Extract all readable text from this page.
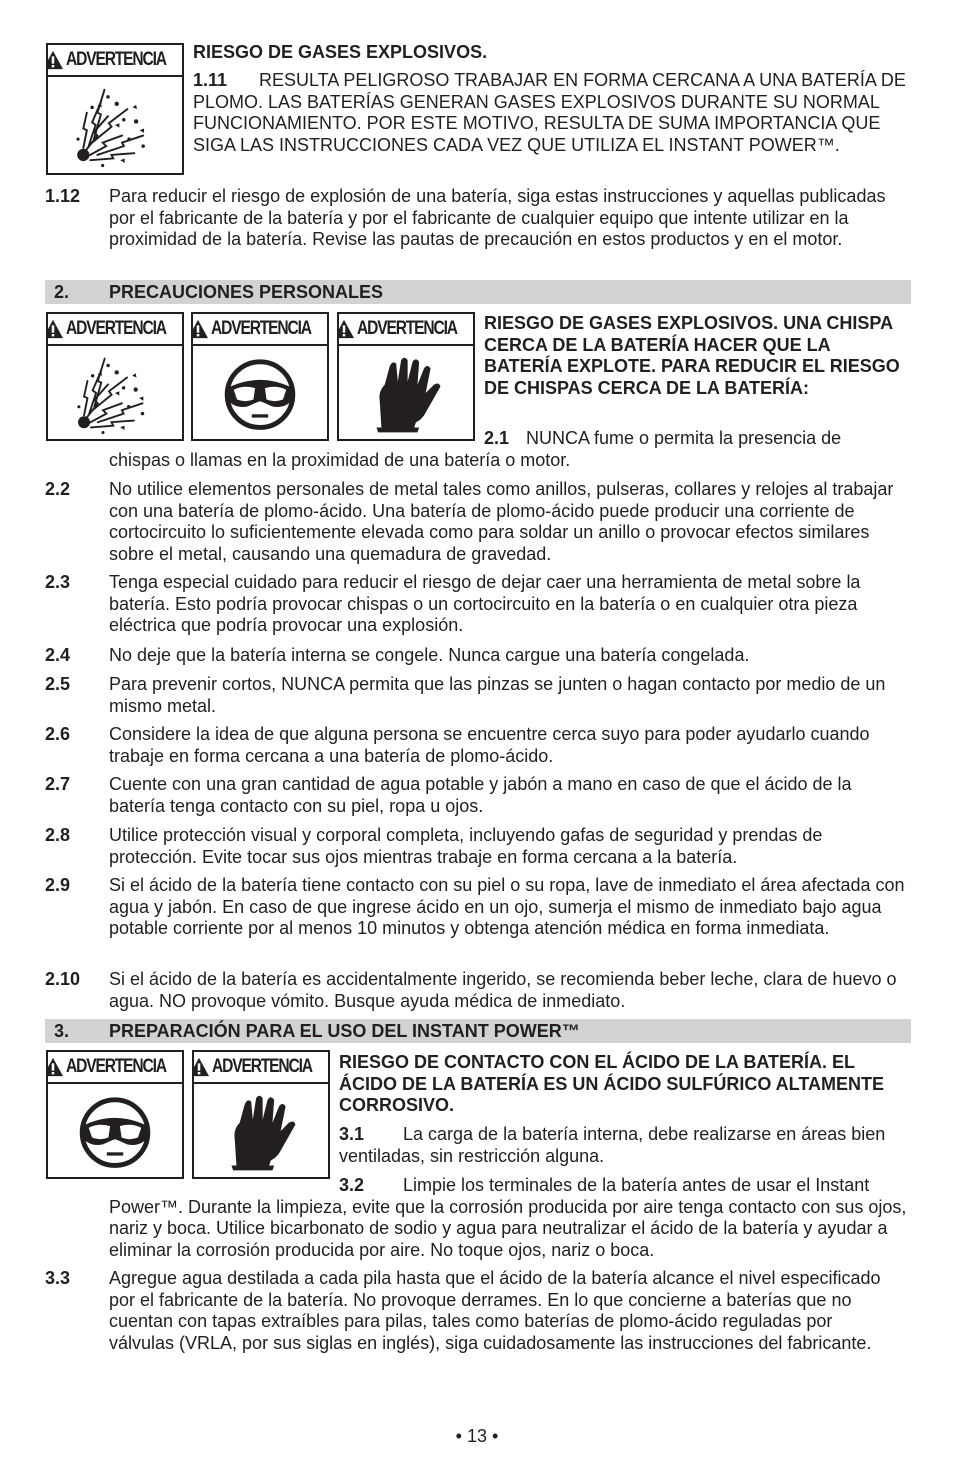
ADVERTENCIA RIESGO DE GASES EXPLOSIVOS.
1.11 RESULTA PELIGROSO TRABAJAR EN FORMA CERCANA A UNA BATERÍA DE PLOMO. LAS BATERÍAS GENERAN GASES EXPLOSIVOS DURANTE SU NORMAL FUNCIONAMIENTO. POR ESTE MOTIVO, RESULTA DE SUMA IMPORTANCIA QUE SIGA LAS INSTRUCCIONES CADA VEZ QUE UTILIZA EL INSTANT POWER™.
1.12 Para reducir el riesgo de explosión de una batería, siga estas instrucciones y aquellas publicadas por el fabricante de la batería y por el fabricante de cualquier equipo que intente utilizar en la proximidad de la batería. Revise las pautas de precaución en estos productos y en el motor.
2. PRECAUCIONES PERSONALES
ADVERTENCIA ADVERTENCIA ADVERTENCIA RIESGO DE GASES EXPLOSIVOS. UNA CHISPA CERCA DE LA BATERÍA HACER QUE LA BATERÍA EXPLOTE. PARA REDUCIR EL RIESGO DE CHISPAS CERCA DE LA BATERÍA:
2.1 NUNCA fume o permita la presencia de chispas o llamas en la proximidad de una batería o motor.
2.2 No utilice elementos personales de metal tales como anillos, pulseras, collares y relojes al trabajar con una batería de plomo-ácido. Una batería de plomo-ácido puede producir una corriente de cortocircuito lo suficientemente elevada como para soldar un anillo o provocar efectos similares sobre el metal, causando una quemadura de gravedad.
2.3 Tenga especial cuidado para reducir el riesgo de dejar caer una herramienta de metal sobre la batería. Esto podría provocar chispas o un cortocircuito en la batería o en cualquier otra pieza eléctrica que podría provocar una explosión.
2.4 No deje que la batería interna se congele. Nunca cargue una batería congelada.
2.5 Para prevenir cortos, NUNCA permita que las pinzas se junten o hagan contacto por medio de un mismo metal.
2.6 Considere la idea de que alguna persona se encuentre cerca suyo para poder ayudarlo cuando trabaje en forma cercana a una batería de plomo-ácido.
2.7 Cuente con una gran cantidad de agua potable y jabón a mano en caso de que el ácido de la batería tenga contacto con su piel, ropa u ojos.
2.8 Utilice protección visual y corporal completa, incluyendo gafas de seguridad y prendas de protección. Evite tocar sus ojos mientras trabaje en forma cercana a la batería.
2.9 Si el ácido de la batería tiene contacto con su piel o su ropa, lave de inmediato el área afectada con agua y jabón. En caso de que ingrese ácido en un ojo, sumerja el mismo de inmediato bajo agua potable corriente por al menos 10 minutos y obtenga atención médica en forma inmediata.
2.10 Si el ácido de la batería es accidentalmente ingerido, se recomienda beber leche, clara de huevo o agua. NO provoque vómito. Busque ayuda médica de inmediato.
3. PREPARACIÓN PARA EL USO DEL INSTANT POWER™
ADVERTENCIA ADVERTENCIA RIESGO DE CONTACTO CON EL ÁCIDO DE LA BATERÍA. EL ÁCIDO DE LA BATERÍA ES UN ÁCIDO SULFÚRICO ALTAMENTE CORROSIVO.
3.1 La carga de la batería interna, debe realizarse en áreas bien ventiladas, sin restricción alguna.
3.2 Limpie los terminales de la batería antes de usar el Instant Power™. Durante la limpieza, evite que la corrosión producida por aire tenga contacto con sus ojos, nariz y boca. Utilice bicarbonato de sodio y agua para neutralizar el ácido de la batería y ayudar a eliminar la corrosión producida por aire. No toque ojos, nariz o boca.
3.3 Agregue agua destilada a cada pila hasta que el ácido de la batería alcance el nivel especificado por el fabricante de la batería. No provoque derrames. En lo que concierne a baterías que no cuentan con tapas extraíbles para pilas, tales como baterías de plomo-ácido reguladas por válvulas (VRLA, por sus siglas en inglés), siga cuidadosamente las instrucciones del fabricante.
• 13 •
